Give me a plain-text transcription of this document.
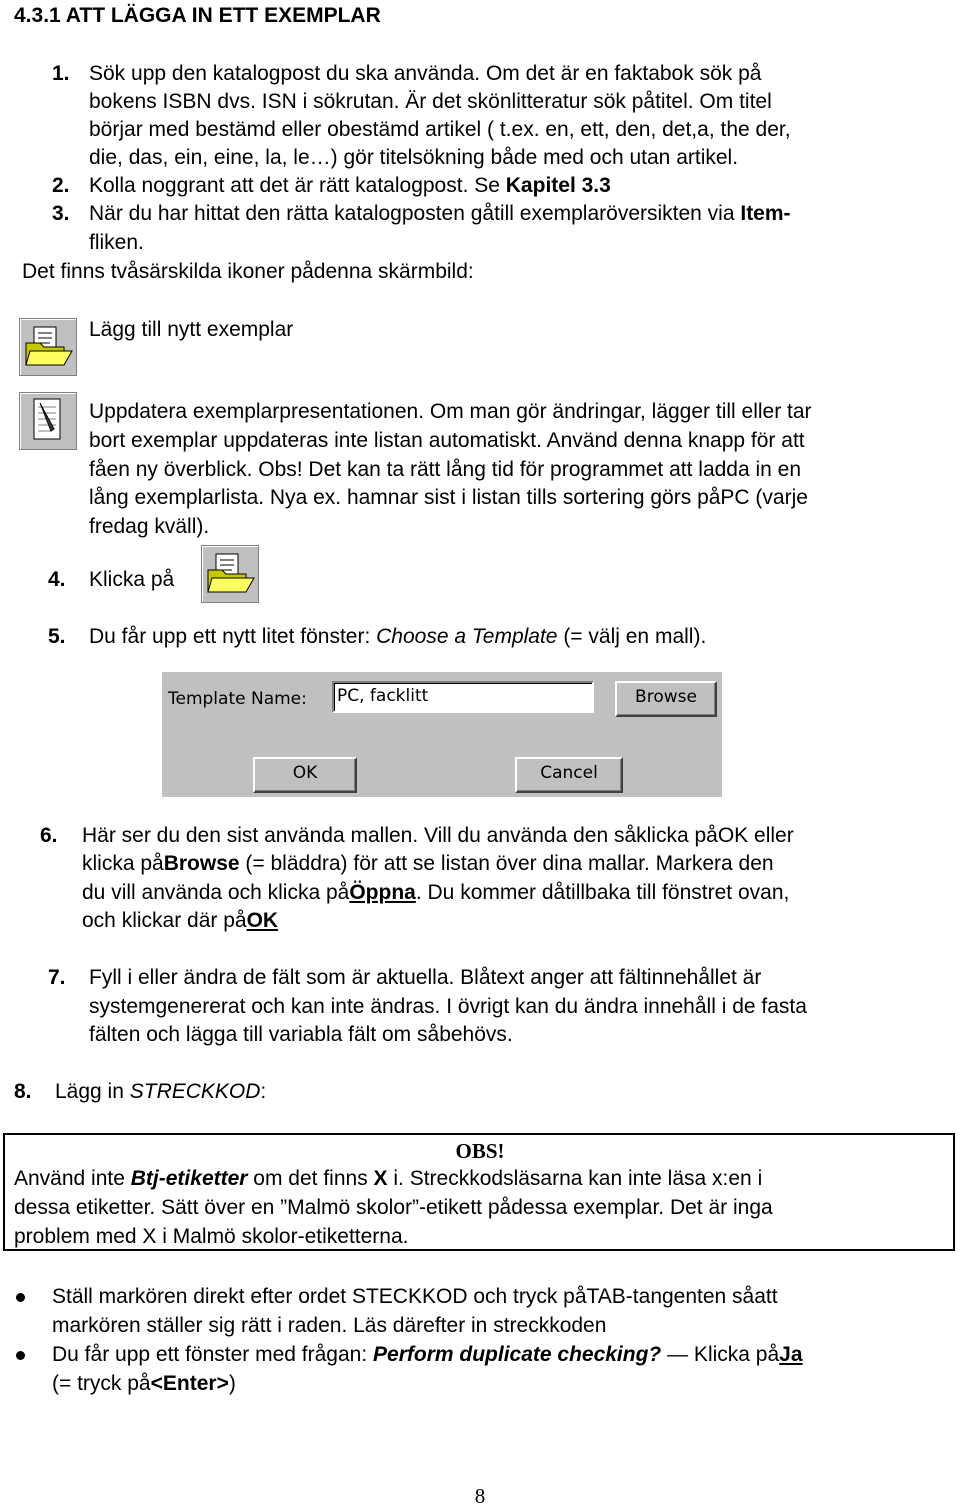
4.3.1 ATT LÄGGA IN ETT EXEMPLAR
1. Sök upp den katalogpost du ska använda. Om det är en faktabok sök på
bokens ISBN dvs. ISN i sökrutan. Är det skönlitteratur sök påtitel. Om titel
börjar med bestämd eller obestämd artikel ( t.ex. en, ett, den, det,a, the der,
die, das, ein, eine, la, le…) gör titelsökning både med och utan artikel.
2. Kolla noggrant att det är rätt katalogpost. Se Kapitel 3.3
3. När du har hittat den rätta katalogposten gåtill exemplaröversikten via Item-
fliken.
Det finns tvåsärskilda ikoner pådenna skärmbild:
Lägg till nytt exemplar
Uppdatera exemplarpresentationen. Om man gör ändringar, lägger till eller tar
bort exemplar uppdateras inte listan automatiskt. Använd denna knapp för att
fåen ny överblick. Obs! Det kan ta rätt lång tid för programmet att ladda in en
lång exemplarlista. Nya ex. hamnar sist i listan tills sortering görs påPC (varje
fredag kväll).
4. Klicka på
5. Du får upp ett nytt litet fönster: Choose a Template (= välj en mall).
Template Name: PC, facklitt	Browse
OK	Cancel
6. Här ser du den sist använda mallen. Vill du använda den såklicka påOK eller
klicka påBrowse (= bläddra) för att se listan över dina mallar. Markera den
du vill använda och klicka påÖppna. Du kommer dåtillbaka till fönstret ovan,
och klickar där påOK
7. Fyll i eller ändra de fält som är aktuella. Blåtext anger att fältinnehållet är
systemgenererat och kan inte ändras. I övrigt kan du ändra innehåll i de fasta
fälten och lägga till variabla fält om såbehövs.
8. Lägg in STRECKKOD:
OBS!
Använd inte Btj-etiketter om det finns X i. Streckkodsläsarna kan inte läsa x:en i
dessa etiketter. Sätt över en ”Malmö skolor”-etikett pådessa exemplar. Det är inga
problem med X i Malmö skolor-etiketterna.
Ställ markören direkt efter ordet STECKKOD och tryck påTAB-tangenten såatt
markören ställer sig rätt i raden. Läs därefter in streckkoden
Du får upp ett fönster med frågan: Perform duplicate checking? — Klicka påJa
(= tryck på<Enter>)
8
